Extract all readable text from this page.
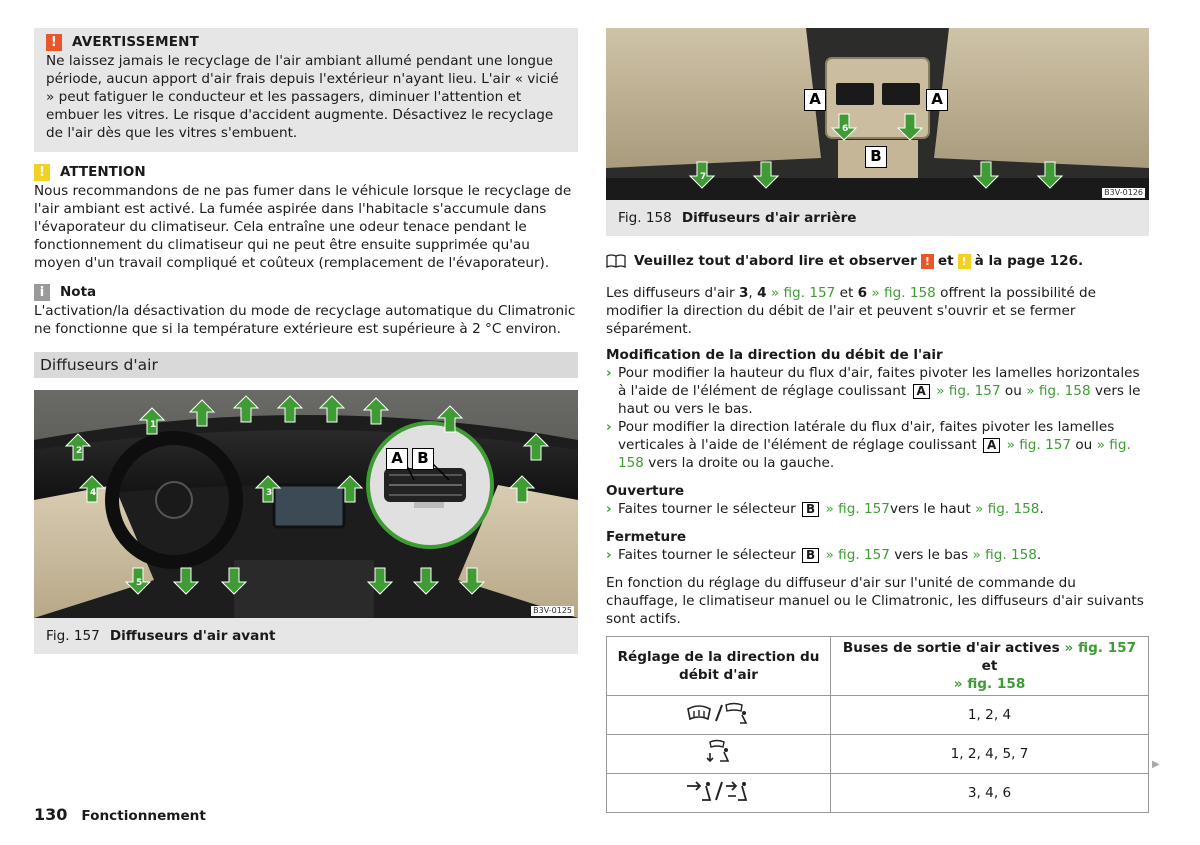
!	AVERTISSEMENT

Ne laissez jamais le recyclage de l'air ambiant allumé pendant une longue période, aucun apport d'air frais depuis l'extérieur n'ayant lieu. L'air « vicié » peut fatiguer le conducteur et les passagers, diminuer l'attention et embuer les vitres. Le risque d'accident augmente. Désactivez le recyclage de l'air dès que les vitres s'embuent.

!	ATTENTION

Nous recommandons de ne pas fumer dans le véhicule lorsque le recyclage de l'air ambiant est activé. La fumée aspirée dans l'habitacle s'accumule dans l'évaporateur du climatiseur. Cela entraîne une odeur tenace pendant le fonctionnement du climatiseur qui ne peut être ensuite supprimée qu'au moyen d'un travail compliqué et coûteux (remplacement de l'évaporateur).

i	Nota

L'activation/la désactivation du mode de recyclage automatique du Climatronic ne fonctionne que si la température extérieure est supérieure à 2 °C environ.

Diffuseurs d'air
A B
1
2
3
4
5
B3V-0125
Fig. 157 Diffuseurs d'air avant
A	A
B
6
7
B3V-0126
Fig. 158 Diffuseurs d'air arrière
Veuillez tout d'abord lire et observer ! et ! à la page 126.

Les diffuseurs d'air 3, 4 » fig. 157 et 6 » fig. 158 offrent la possibilité de modifier la direction du débit de l'air et peuvent s'ouvrir et se fermer séparément.

Modification de la direction du débit de l'air
› Pour modifier la hauteur du flux d'air, faites pivoter les lamelles horizontales à l'aide de l'élément de réglage coulissant A » fig. 157 ou » fig. 158 vers le haut ou vers le bas.
› Pour modifier la direction latérale du flux d'air, faites pivoter les lamelles verticales à l'aide de l'élément de réglage coulissant A » fig. 157 ou » fig. 158 vers la droite ou la gauche.
Ouverture
› Faites tourner le sélecteur B » fig. 157vers le haut » fig. 158.
Fermeture
› Faites tourner le sélecteur B » fig. 157 vers le bas » fig. 158.

En fonction du réglage du diffuseur d'air sur l'unité de commande du chauffage, le climatiseur manuel ou le Climatronic, les diffuseurs d'air suivants sont actifs.

Réglage de la direction du débit d'air	Buses de sortie d'air actives » fig. 157 et
» fig. 158
	1, 2, 4
	1, 2, 4, 5, 7
	3, 4, 6
▶
130 Fonctionnement
